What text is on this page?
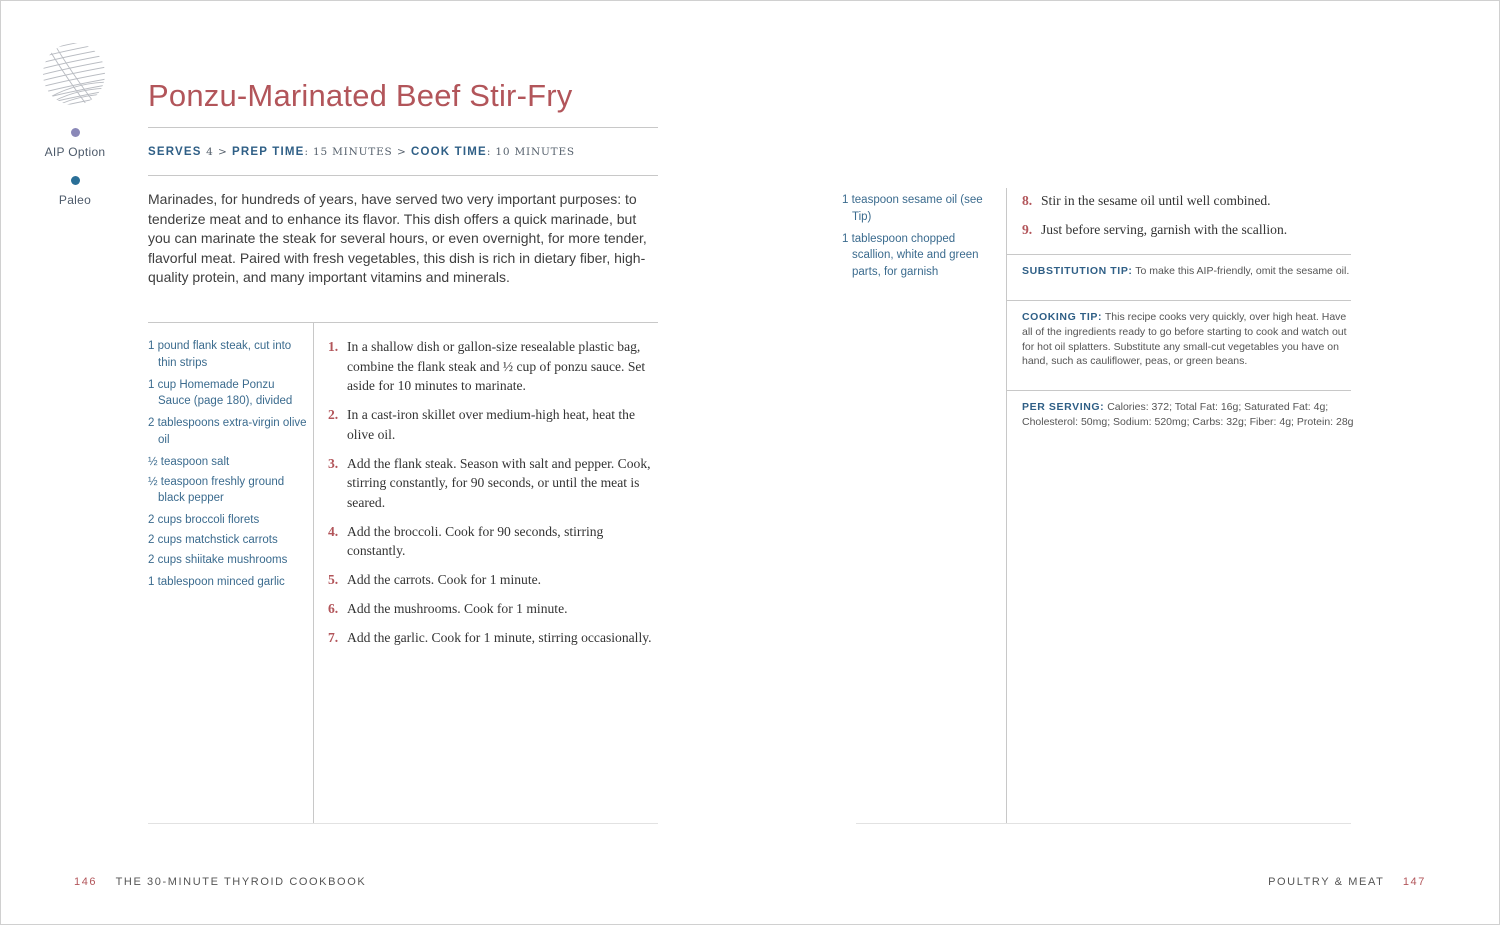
AIP Option
Paleo
Ponzu-Marinated Beef Stir-Fry
SERVES 4 > PREP TIME: 15 MINUTES > COOK TIME: 10 MINUTES
Marinades, for hundreds of years, have served two very important purposes: to tenderize meat and to enhance its flavor. This dish offers a quick marinade, but you can marinate the steak for several hours, or even overnight, for more tender, flavorful meat. Paired with fresh vegetables, this dish is rich in dietary fiber, high-quality protein, and many important vitamins and minerals.
1 pound flank steak, cut into thin strips
1 cup Homemade Ponzu Sauce (page 180), divided
2 tablespoons extra-virgin olive oil
½ teaspoon salt
½ teaspoon freshly ground black pepper
2 cups broccoli florets
2 cups matchstick carrots
2 cups shiitake mushrooms
1 tablespoon minced garlic
1. In a shallow dish or gallon-size resealable plastic bag, combine the flank steak and ½ cup of ponzu sauce. Set aside for 10 minutes to marinate.
2. In a cast-iron skillet over medium-high heat, heat the olive oil.
3. Add the flank steak. Season with salt and pepper. Cook, stirring constantly, for 90 seconds, or until the meat is seared.
4. Add the broccoli. Cook for 90 seconds, stirring constantly.
5. Add the carrots. Cook for 1 minute.
6. Add the mushrooms. Cook for 1 minute.
7. Add the garlic. Cook for 1 minute, stirring occasionally.
1 teaspoon sesame oil (see Tip)
1 tablespoon chopped scallion, white and green parts, for garnish
8. Stir in the sesame oil until well combined.
9. Just before serving, garnish with the scallion.
SUBSTITUTION TIP: To make this AIP-friendly, omit the sesame oil.
COOKING TIP: This recipe cooks very quickly, over high heat. Have all of the ingredients ready to go before starting to cook and watch out for hot oil splatters. Substitute any small-cut vegetables you have on hand, such as cauliflower, peas, or green beans.
PER SERVING: Calories: 372; Total Fat: 16g; Saturated Fat: 4g; Cholesterol: 50mg; Sodium: 520mg; Carbs: 32g; Fiber: 4g; Protein: 28g
146 THE 30-MINUTE THYROID COOKBOOK	POULTRY & MEAT 147
